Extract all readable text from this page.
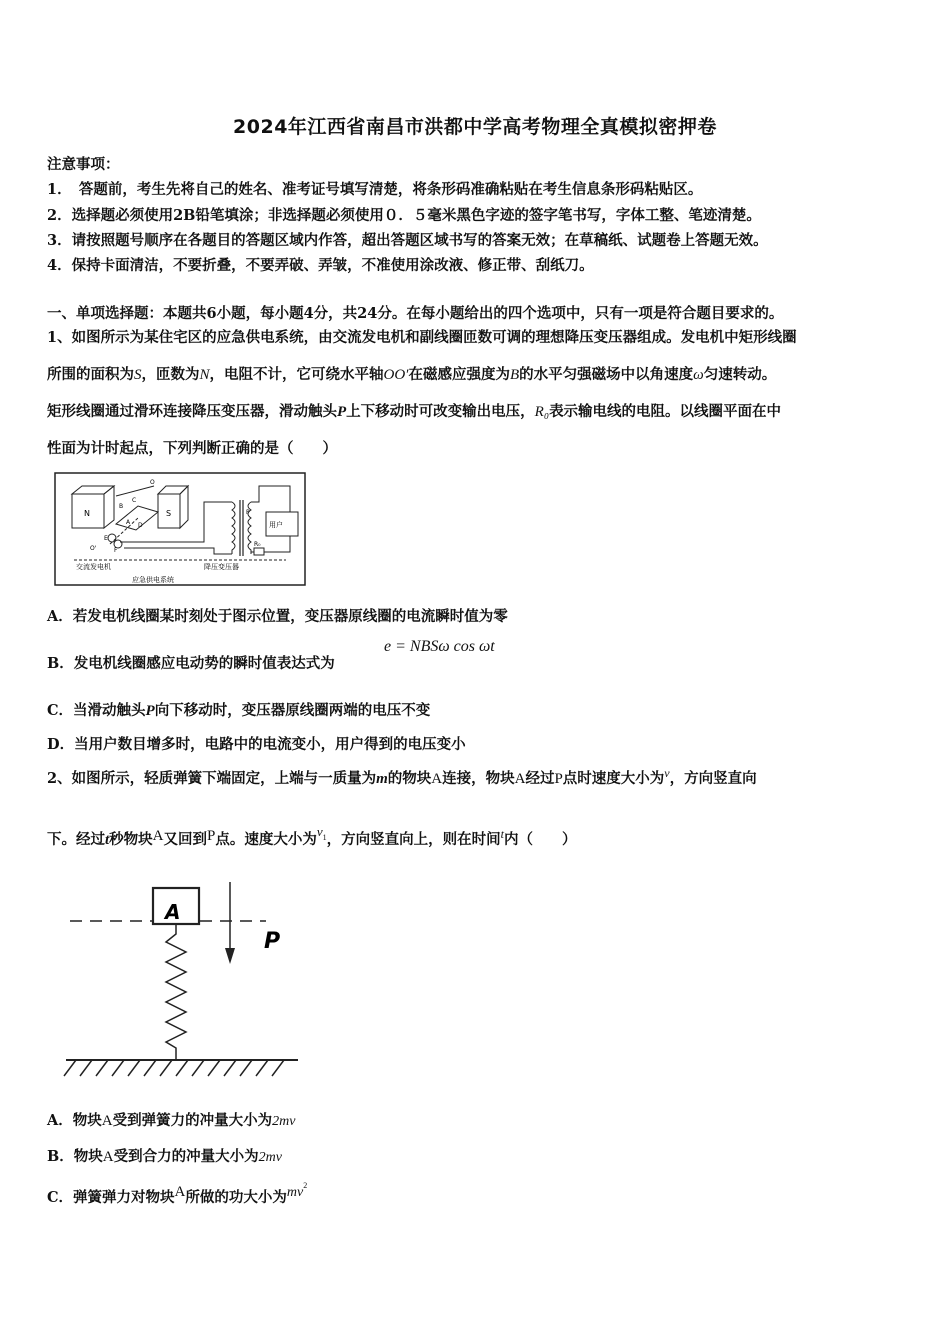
2024年江西省南昌市洪都中学高考物理全真模拟密押卷
注意事项：
1．　答题前，考生先将自己的姓名、准考证号填写清楚，将条形码准确粘贴在考生信息条形码粘贴区。
2．选择题必须使用2B铅笔填涂；非选择题必须使用０．５毫米黑色字迹的签字笔书写，字体工整、笔迹清楚。
3．请按照题号顺序在各题目的答题区域内作答，超出答题区域书写的答案无效；在草稿纸、试题卷上答题无效。
4．保持卡面清洁，不要折叠，不要弄破、弄皱，不准使用涂改液、修正带、刮纸刀。
一、单项选择题：本题共6小题，每小题4分，共24分。在每小题给出的四个选项中，只有一项是符合题目要求的。
1、如图所示为某住宅区的应急供电系统，由交流发电机和副线圈匝数可调的理想降压变压器组成。发电机中矩形线圈
所围的面积为S，匝数为N，电阻不计，它可绕水平轴OO′在磁感应强度为B的水平匀强磁场中以角速度ω匀速转动。
矩形线圈通过滑环连接降压变压器，滑动触头P上下移动时可改变输出电压，R₀表示输电线的电阻。以线圈平面在中
性面为计时起点，下列判断正确的是（　　）
N	S
B
C
D
A
O
O'
E
F
P
用户
R₀
交流发电机	降压变压器
应急供电系统
A．若发电机线圈某时刻处于图示位置，变压器原线圈的电流瞬时值为零
B．发电机线圈感应电动势的瞬时值表达式为
e = NBSω cos ωt
C．当滑动触头P向下移动时，变压器原线圈两端的电压不变
D．当用户数目增多时，电路中的电流变小，用户得到的电压变小
2、如图所示，轻质弹簧下端固定，上端与一质量为m的物块A连接，物块A经过P点时速度大小为$^v$，方向竖直向
下。经过t秒物块A又回到P点。速度大小为$v_1$，方向竖直向上，则在时间$^t$内（　　）
A
P
A．物块A受到弹簧力的冲量大小为2mv
B．物块A受到合力的冲量大小为2mv
C．弹簧弹力对物块A所做的功大小为$mv^2$
